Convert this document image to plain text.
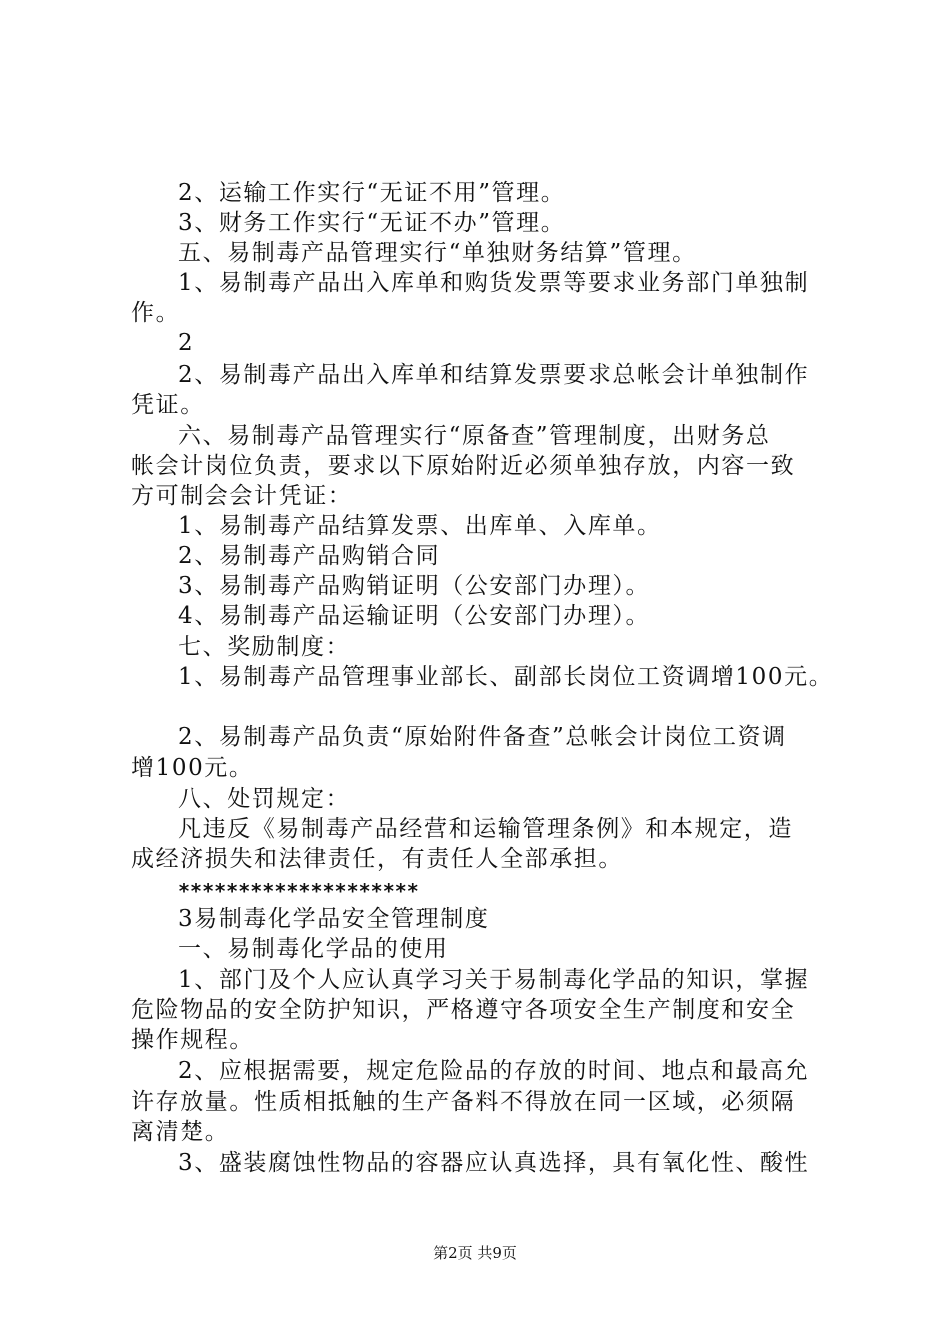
2、运输工作实行“无证不用”管理。
3、财务工作实行“无证不办”管理。
五、易制毒产品管理实行“单独财务结算”管理。
1、易制毒产品出入库单和购货发票等要求业务部门单独制
作。
2
2、易制毒产品出入库单和结算发票要求总帐会计单独制作
凭证。
六、易制毒产品管理实行“原备查”管理制度，出财务总
帐会计岗位负责，要求以下原始附近必须单独存放，内容一致
方可制会会计凭证：
1、易制毒产品结算发票、出库单、入库单。
2、易制毒产品购销合同
3、易制毒产品购销证明（公安部门办理）。
4、易制毒产品运输证明（公安部门办理）。
七、奖励制度：
1、易制毒产品管理事业部长、副部长岗位工资调增100元。
2、易制毒产品负责“原始附件备查”总帐会计岗位工资调
增100元。
八、处罚规定：
凡违反《易制毒产品经营和运输管理条例》和本规定，造
成经济损失和法律责任，有责任人全部承担。
********************
3易制毒化学品安全管理制度
一、易制毒化学品的使用
1、部门及个人应认真学习关于易制毒化学品的知识，掌握
危险物品的安全防护知识，严格遵守各项安全生产制度和安全
操作规程。
2、应根据需要，规定危险品的存放的时间、地点和最高允
许存放量。性质相抵触的生产备料不得放在同一区域，必须隔
离清楚。
3、盛装腐蚀性物品的容器应认真选择，具有氧化性、酸性
第2页 共9页
